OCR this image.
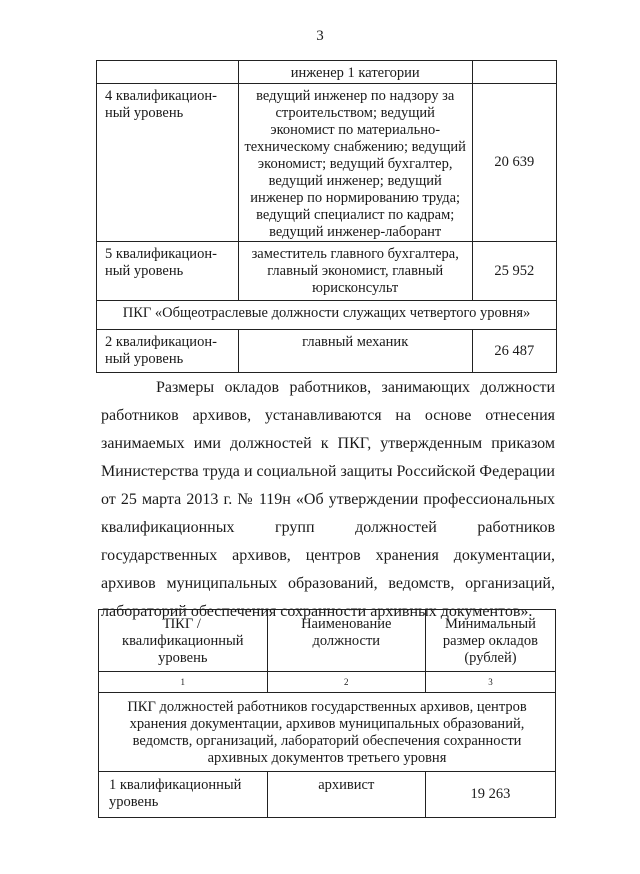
3
	инженер 1 категории	
4 квалификацион-
ный уровень	ведущий инженер по надзору за строительством; ведущий экономист по материально-техническому снабжению; ведущий экономист; ведущий бухгалтер, ведущий инженер; ведущий инженер по нормированию труда; ведущий специалист по кадрам; ведущий инженер-лаборант	20 639
5 квалификацион-
ный уровень	заместитель главного бухгалтера, главный экономист, главный юрисконсульт	25 952
ПКГ «Общеотраслевые должности служащих четвертого уровня»		
2 квалификацион-
ный уровень	главный механик	26 487

Размеры окладов работников, занимающих должности работников архивов, устанавливаются на основе отнесения занимаемых ими должностей к ПКГ, утвержденным приказом Министерства труда и социальной защиты Российской Федерации от 25 марта 2013 г. № 119н «Об утверждении профессиональных квалификационных групп должностей работников государственных архивов, центров хранения документации, архивов муниципальных образований, ведомств, организаций, лабораторий обеспечения сохранности архивных документов».

ПКГ /
квалификационный
уровень	Наименование
должности	Минимальный
размер окладов
(рублей)
1	2	3
ПКГ должностей работников государственных архивов, центров хранения документации, архивов муниципальных образований, ведомств, организаций, лабораторий обеспечения сохранности архивных документов третьего уровня		
1 квалификационный
уровень	архивист	19 263
